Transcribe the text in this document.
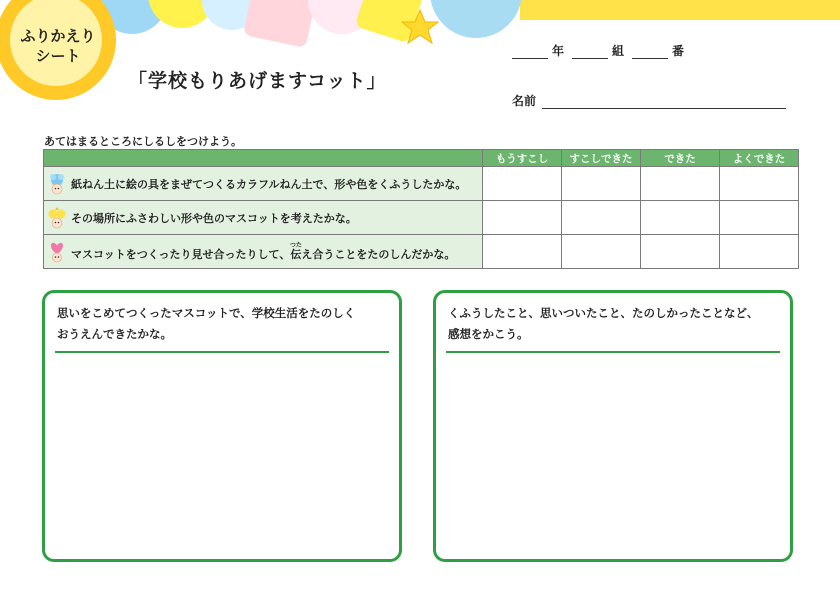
ふりかえり
シート
「学校もりあげますコット」
年	組	番
名前
あてはまるところにしるしをつけよう。
	もうすこし	すこしできた	できた	よくできた

紙ねん土に絵の具をまぜてつくるカラフルねん土で、形や色をくふうしたかな。				

その場所にふさわしい形や色のマスコットを考えたかな。				

マスコットをつくったり見せ合ったりして、伝つたえ合うことをたのしんだかな。				

思いをこめてつくったマスコットで、学校生活をたのしく
おうえんできたかな。
くふうしたこと、思いついたこと、たのしかったことなど、
感想をかこう。
